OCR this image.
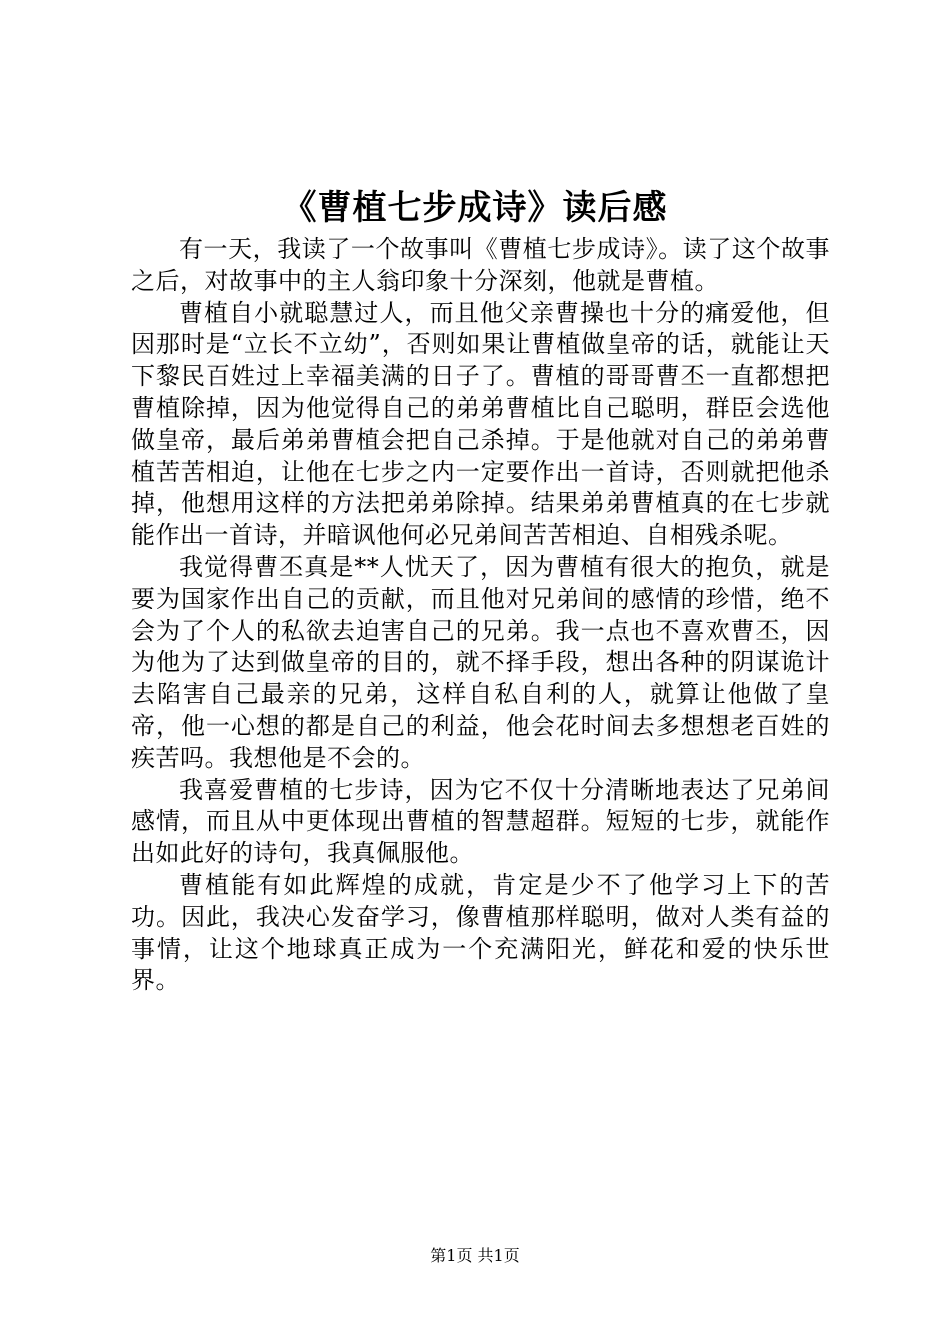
《曹植七步成诗》读后感

有一天，我读了一个故事叫《曹植七步成诗》。读了这个故事之后，对故事中的主人翁印象十分深刻，他就是曹植。

曹植自小就聪慧过人，而且他父亲曹操也十分的痛爱他，但因那时是“立长不立幼”，否则如果让曹植做皇帝的话，就能让天下黎民百姓过上幸福美满的日子了。曹植的哥哥曹丕一直都想把曹植除掉，因为他觉得自己的弟弟曹植比自己聪明，群臣会选他做皇帝，最后弟弟曹植会把自己杀掉。于是他就对自己的弟弟曹植苦苦相迫，让他在七步之内一定要作出一首诗，否则就把他杀掉，他想用这样的方法把弟弟除掉。结果弟弟曹植真的在七步就能作出一首诗，并暗讽他何必兄弟间苦苦相迫、自相残杀呢。

我觉得曹丕真是**人忧天了，因为曹植有很大的抱负，就是要为国家作出自己的贡献，而且他对兄弟间的感情的珍惜，绝不会为了个人的私欲去迫害自己的兄弟。我一点也不喜欢曹丕，因为他为了达到做皇帝的目的，就不择手段，想出各种的阴谋诡计去陷害自己最亲的兄弟，这样自私自利的人，就算让他做了皇帝，他一心想的都是自己的利益，他会花时间去多想想老百姓的疾苦吗。我想他是不会的。

我喜爱曹植的七步诗，因为它不仅十分清晰地表达了兄弟间感情，而且从中更体现出曹植的智慧超群。短短的七步，就能作出如此好的诗句，我真佩服他。

曹植能有如此辉煌的成就，肯定是少不了他学习上下的苦功。因此，我决心发奋学习，像曹植那样聪明，做对人类有益的事情，让这个地球真正成为一个充满阳光，鲜花和爱的快乐世界。

第1页 共1页
